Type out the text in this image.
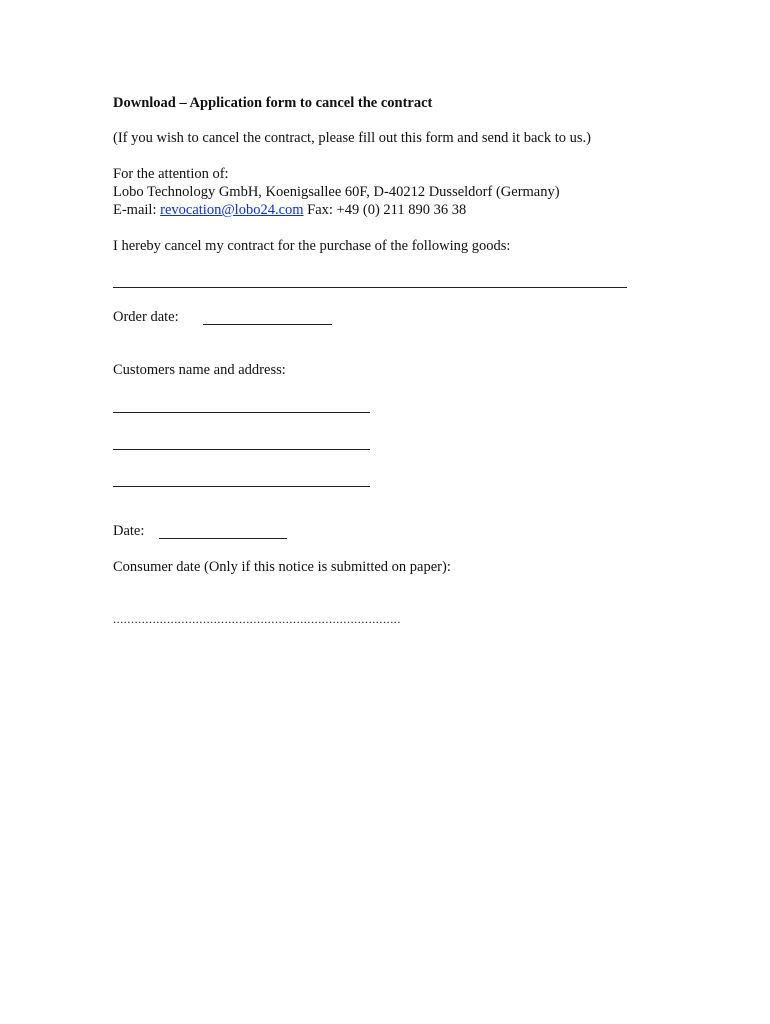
Download – Application form to cancel the contract
(If you wish to cancel the contract, please fill out this form and send it back to us.)
For the attention of:
Lobo Technology GmbH, Koenigsallee 60F, D-40212 Dusseldorf (Germany)
E-mail: revocation@lobo24.com Fax: +49 (0) 211 890 36 38
I hereby cancel my contract for the purchase of the following goods:
Order date:
Customers name and address:
Date:
Consumer date (Only if this notice is submitted on paper):
................................................................................
